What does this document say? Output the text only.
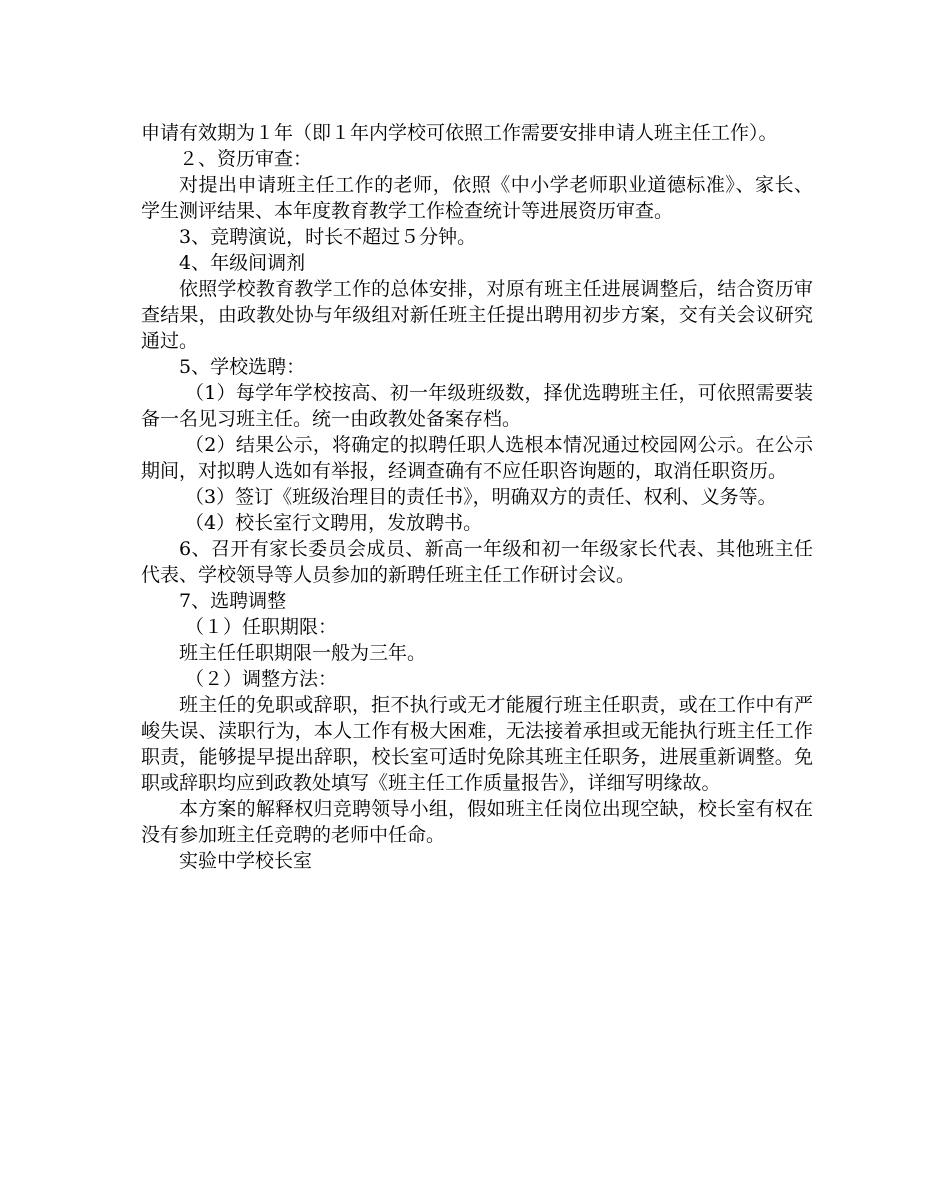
申请有效期为１年（即１年内学校可依照工作需要安排申请人班主任工作）。

２、资历审查：

对提出申请班主任工作的老师，依照《中小学老师职业道德标准》、家长、学生测评结果、本年度教育教学工作检查统计等进展资历审查。

3、竞聘演说，时长不超过５分钟。

4、年级间调剂

依照学校教育教学工作的总体安排，对原有班主任进展调整后，结合资历审查结果，由政教处协与年级组对新任班主任提出聘用初步方案，交有关会议研究通过。

5、学校选聘：

（1）每学年学校按高、初一年级班级数，择优选聘班主任，可依照需要装备一名见习班主任。统一由政教处备案存档。

（2）结果公示，将确定的拟聘任职人选根本情况通过校园网公示。在公示期间，对拟聘人选如有举报，经调查确有不应任职咨询题的，取消任职资历。

（3）签订《班级治理目的责任书》，明确双方的责任、权利、义务等。

（4）校长室行文聘用，发放聘书。

6、召开有家长委员会成员、新高一年级和初一年级家长代表、其他班主任代表、学校领导等人员参加的新聘任班主任工作研讨会议。

7、选聘调整

（１）任职期限：

班主任任职期限一般为三年。

（２）调整方法：

班主任的免职或辞职，拒不执行或无才能履行班主任职责，或在工作中有严峻失误、渎职行为，本人工作有极大困难，无法接着承担或无能执行班主任工作职责，能够提早提出辞职，校长室可适时免除其班主任职务，进展重新调整。免职或辞职均应到政教处填写《班主任工作质量报告》，详细写明缘故。

本方案的解释权归竞聘领导小组，假如班主任岗位出现空缺，校长室有权在没有参加班主任竞聘的老师中任命。

实验中学校长室
